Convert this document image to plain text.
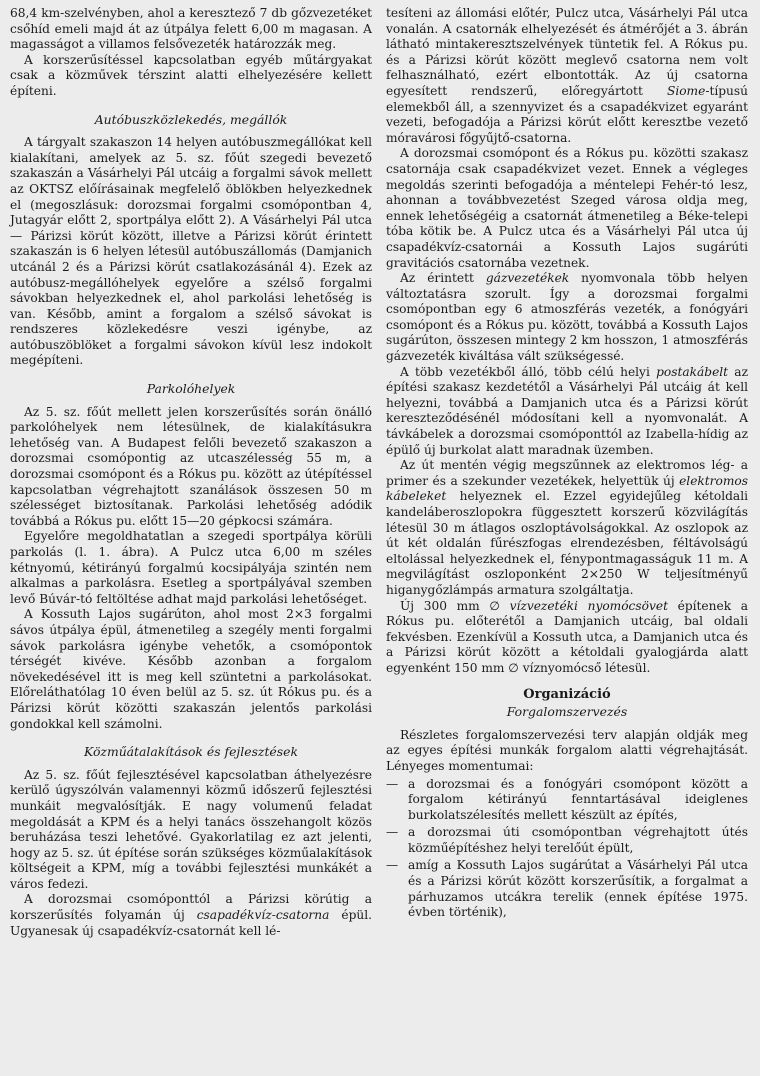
68,4 km-szelvényben, ahol a keresztező 7 db gőzvezetéket csőhíd emeli majd át az útpálya felett 6,00 m magasan. A magasságot a villamos felsővezeték határozzák meg.

A korszerűsítéssel kapcsolatban egyéb műtárgyakat csak a közművek térszint alatti elhelyezésére kellett építeni.

Autóbuszközlekedés, megállók

A tárgyalt szakaszon 14 helyen autóbuszmegállókat kell kialakítani, amelyek az 5. sz. főút szegedi bevezető szakaszán a Vásárhelyi Pál utcáig a forgalmi sávok mellett az OKTSZ előírásainak megfelelő öblökben helyezkednek el (megoszlásuk: dorozsmai forgalmi csomópontban 4, Jutagyár előtt 2, sportpálya előtt 2). A Vásárhelyi Pál utca — Párizsi körút között, illetve a Párizsi körút érintett szakaszán is 6 helyen létesül autóbuszállomás (Damjanich utcánál 2 és a Párizsi körút csatlakozásánál 4). Ezek az autóbusz-megállóhelyek egyelőre a szélső forgalmi sávokban helyezkednek el, ahol parkolási lehetőség is van. Később, amint a forgalom a szélső sávokat is rendszeres közlekedésre veszi igénybe, az autóbuszöblöket a forgalmi sávokon kívül lesz indokolt megépíteni.

Parkolóhelyek

Az 5. sz. főút mellett jelen korszerűsítés során önálló parkolóhelyek nem létesülnek, de kialakításukra lehetőség van. A Budapest felőli bevezető szakaszon a dorozsmai csomópontig az utcaszélesség 55 m, a dorozsmai csomópont és a Rókus pu. között az útépítéssel kapcsolatban végrehajtott szanálások összesen 50 m szélességet biztosítanak. Parkolási lehetőség adódik továbbá a Rókus pu. előtt 15—20 gépkocsi számára.

Egyelőre megoldhatatlan a szegedi sportpálya körüli parkolás (l. 1. ábra). A Pulcz utca 6,00 m széles kétnyomú, kétirányú forgalmú kocsipályája szintén nem alkalmas a parkolásra. Esetleg a sportpályával szemben levő Búvár-tó feltöltése adhat majd parkolási lehetőséget.

A Kossuth Lajos sugárúton, ahol most 2×3 forgalmi sávos útpálya épül, átmenetileg a szegély menti forgalmi sávok parkolásra igénybe vehetők, a csomópontok térségét kivéve. Később azonban a forgalom növekedésével itt is meg kell szüntetni a parkolásokat. Előreláthatólag 10 éven belül az 5. sz. út Rókus pu. és a Párizsi körút közötti szakaszán jelentős parkolási gondokkal kell számolni.

Közműátalakítások és fejlesztések

Az 5. sz. főút fejlesztésével kapcsolatban áthelyezésre kerülő úgyszólván valamennyi közmű időszerű fejlesztési munkáit megvalósítják. E nagy volumenű feladat megoldását a KPM és a helyi tanács összehangolt közös beruházása teszi lehetővé. Gyakorlatilag ez azt jelenti, hogy az 5. sz. út építése során szükséges közműalakítások költségeit a KPM, míg a további fejlesztési munkákét a város fedezi.

A dorozsmai csomóponttól a Párizsi körútig a korszerűsítés folyamán új csapadékvíz-csatorna épül. Ugyanesak új csapadékvíz-csatornát kell lé-

tesíteni az állomási előtér, Pulcz utca, Vásárhelyi Pál utca vonalán. A csatornák elhelyezését és átmérőjét a 3. ábrán látható mintakeresztszelvények tüntetik fel. A Rókus pu. és a Párizsi körút között meglevő csatorna nem volt felhasználható, ezért elbontották. Az új csatorna egyesített rendszerű, előregyártott Siome-típusú elemekből áll, a szennyvizet és a csapadékvizet egyaránt vezeti, befogadója a Párizsi körút előtt keresztbe vezető móravárosi főgyűjtő-csatorna.

A dorozsmai csomópont és a Rókus pu. közötti szakasz csatornája csak csapadékvizet vezet. Ennek a végleges megoldás szerinti befogadója a méntelepi Fehér-tó lesz, ahonnan a továbbvezetést Szeged városa oldja meg, ennek lehetőségéig a csatornát átmenetileg a Béke-telepi tóba kötik be. A Pulcz utca és a Vásárhelyi Pál utca új csapadékvíz-csatornái a Kossuth Lajos sugárúti gravitációs csatornába vezetnek.

Az érintett gázvezetékek nyomvonala több helyen változtatásra szorult. Így a dorozsmai forgalmi csomópontban egy 6 atmoszférás vezeték, a fonógyári csomópont és a Rókus pu. között, továbbá a Kossuth Lajos sugárúton, összesen mintegy 2 km hosszon, 1 atmoszférás gázvezeték kiváltása vált szükségessé.

A több vezetékből álló, több célú helyi postakábelt az építési szakasz kezdetétől a Vásárhelyi Pál utcáig át kell helyezni, továbbá a Damjanich utca és a Párizsi körút kereszteződésénél módosítani kell a nyomvonalát. A távkábelek a dorozsmai csomóponttól az Izabella-hídig az épülő új burkolat alatt maradnak üzemben.

Az út mentén végig megszűnnek az elektromos lég- a primer és a szekunder vezetékek, helyettük új elektromos kábeleket helyeznek el. Ezzel egyidejűleg kétoldali kandeláberoszlopokra függesztett korszerű közvilágítás létesül 30 m átlagos oszloptávolságokkal. Az oszlopok az út két oldalán fűrészfogas elrendezésben, féltávolságú eltolással helyezkednek el, fénypontmagasságuk 11 m. A megvilágítást oszloponként 2×250 W teljesítményű higanygőzlámpás armatura szolgáltatja.

Új 300 mm ∅ vízvezetéki nyomócsövet építenek a Rókus pu. előterétől a Damjanich utcáig, bal oldali fekvésben. Ezenkívül a Kossuth utca, a Damjanich utca és a Párizsi körút között a kétoldali gyalogjárda alatt egyenként 150 mm ∅ víznyomócső létesül.

Organizáció
Forgalomszervezés

Részletes forgalomszervezési terv alapján oldják meg az egyes építési munkák forgalom alatti végrehajtását. Lényeges momentumai:

— a dorozsmai és a fonógyári csomópont között a forgalom kétirányú fenntartásával ideiglenes burkolatszélesítés mellett készült az építés,
— a dorozsmai úti csomópontban végrehajtott útés közműépítéshez helyi terelőút épült,
— amíg a Kossuth Lajos sugárútat a Vásárhelyi Pál utca és a Párizsi körút között korszerűsítik, a forgalmat a párhuzamos utcákra terelik (ennek építése 1975. évben történik),
